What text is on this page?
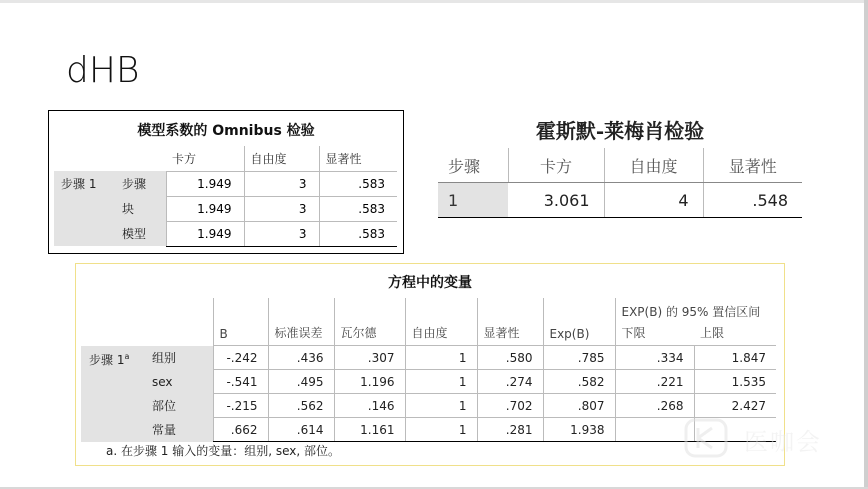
dHB
模型系数的 Omnibus 检验
		卡方	自由度	显著性
步骤 1	步骤	1.949	3	.583
	块	1.949	3	.583
	模型	1.949	3	.583
霍斯默-莱梅肖检验
步骤	卡方	自由度	显著性
1	3.061	4	.548
方程中的变量
								EXP(B) 的 95% 置信区间	
		B	标准误差	瓦尔德	自由度	显著性	Exp(B)	下限	上限
步骤 1$^a$	组别	-.242	.436	.307	1	.580	.785	.334	1.847
	sex	-.541	.495	1.196	1	.274	.582	.221	1.535
	部位	-.215	.562	.146	1	.702	.807	.268	2.427
	常量	.662	.614	1.161	1	.281	1.938		
a. 在步骤 1 输入的变量：组别, sex, 部位。	医咖会
